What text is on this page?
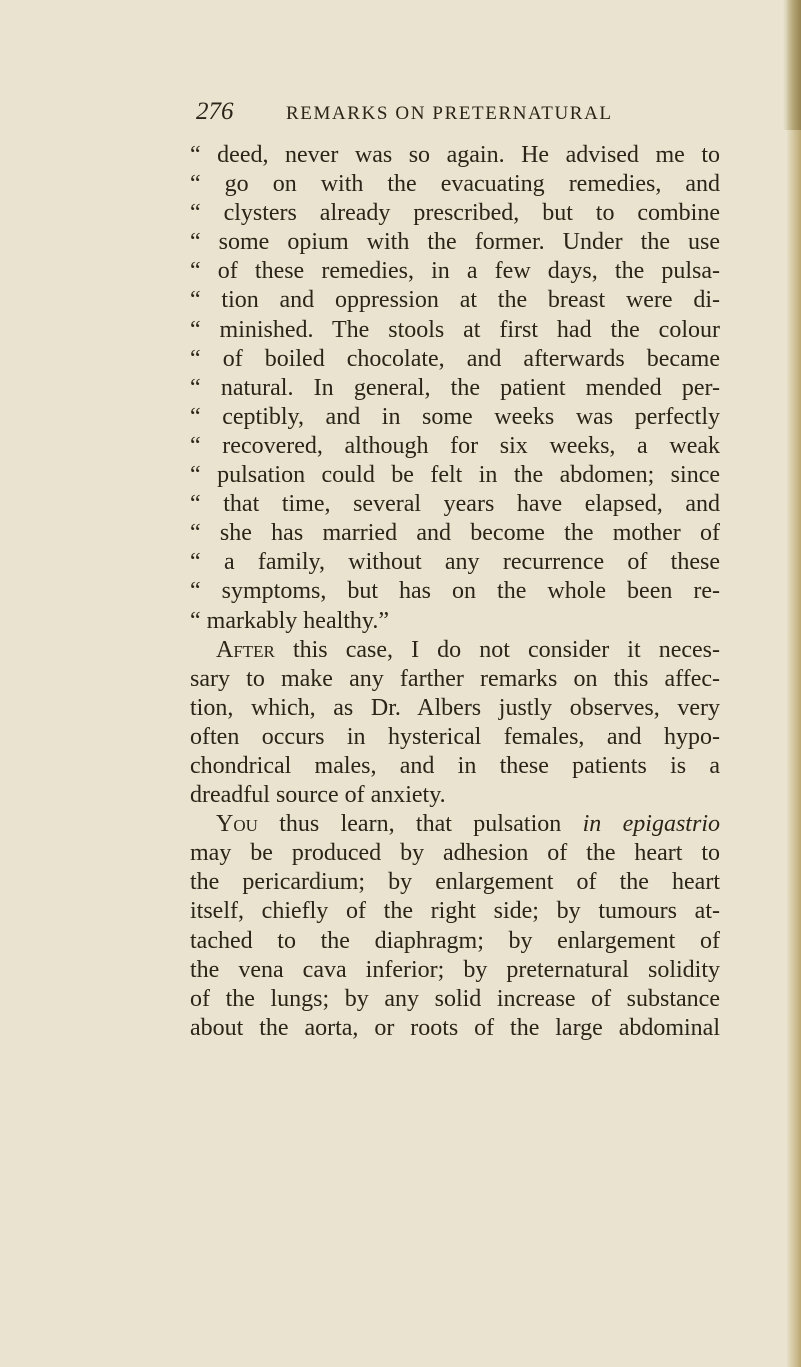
276	REMARKS ON PRETERNATURAL
“ deed, never was so again. He advised me to
“ go on with the evacuating remedies, and
“ clysters already prescribed, but to combine
“ some opium with the former. Under the use
“ of these remedies, in a few days, the pulsa-
“ tion and oppression at the breast were di-
“ minished. The stools at first had the colour
“ of boiled chocolate, and afterwards became
“ natural. In general, the patient mended per-
“ ceptibly, and in some weeks was perfectly
“ recovered, although for six weeks, a weak
“ pulsation could be felt in the abdomen; since
“ that time, several years have elapsed, and
“ she has married and become the mother of
“ a family, without any recurrence of these
“ symptoms, but has on the whole been re-
“ markably healthy.”
After this case, I do not consider it neces-
sary to make any farther remarks on this affec-
tion, which, as Dr. Albers justly observes, very
often occurs in hysterical females, and hypo-
chondrical males, and in these patients is a
dreadful source of anxiety.
You thus learn, that pulsation in epigastrio
may be produced by adhesion of the heart to
the pericardium; by enlargement of the heart
itself, chiefly of the right side; by tumours at-
tached to the diaphragm; by enlargement of
the vena cava inferior; by preternatural solidity
of the lungs; by any solid increase of substance
about the aorta, or roots of the large abdominal
